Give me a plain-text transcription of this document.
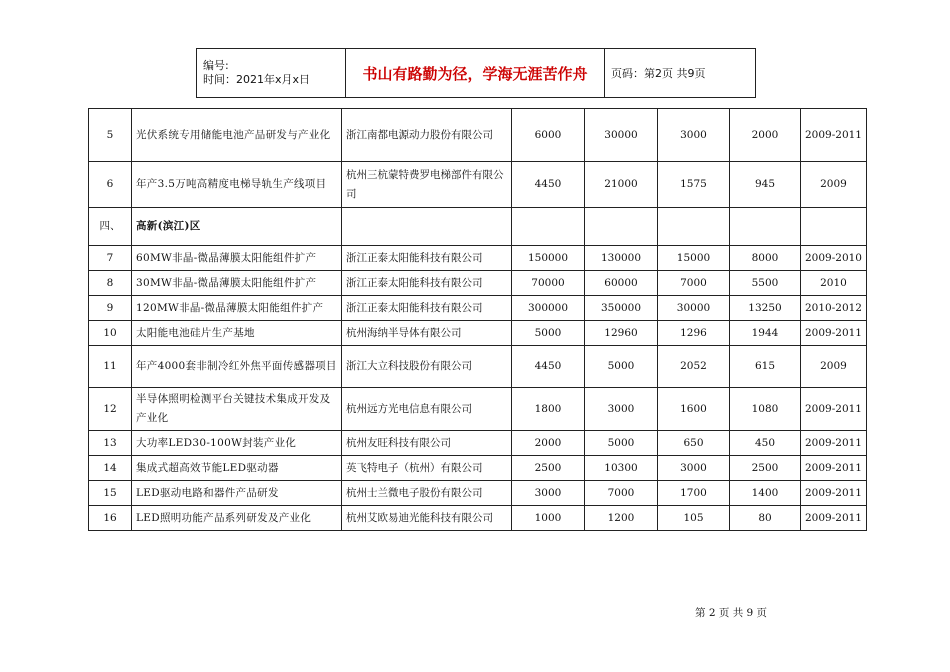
编号:
时间：2021年x月x日	书山有路勤为径，学海无涯苦作舟	页码：第2页 共9页
5	光伏系统专用储能电池产品研发与产业化	浙江南都电源动力股份有限公司	6000	30000	3000	2000	2009-2011
6	年产3.5万吨高精度电梯导轨生产线项目	杭州三杭蒙特费罗电梯部件有限公司	4450	21000	1575	945	2009
四、	高新(滨江)区						
7	60MW非晶-微晶薄膜太阳能组件扩产	浙江正泰太阳能科技有限公司	150000	130000	15000	8000	2009-2010
8	30MW非晶-微晶薄膜太阳能组件扩产	浙江正泰太阳能科技有限公司	70000	60000	7000	5500	2010
9	120MW非晶-微晶薄膜太阳能组件扩产	浙江正泰太阳能科技有限公司	300000	350000	30000	13250	2010-2012
10	太阳能电池硅片生产基地	杭州海纳半导体有限公司	5000	12960	1296	1944	2009-2011
11	年产4000套非制冷红外焦平面传感器项目	浙江大立科技股份有限公司	4450	5000	2052	615	2009
12	半导体照明检测平台关键技术集成开发及产业化	杭州远方光电信息有限公司	1800	3000	1600	1080	2009-2011
13	大功率LED30-100W封装产业化	杭州友旺科技有限公司	2000	5000	650	450	2009-2011
14	集成式超高效节能LED驱动器	英飞特电子（杭州）有限公司	2500	10300	3000	2500	2009-2011
15	LED驱动电路和器件产品研发	杭州士兰微电子股份有限公司	3000	7000	1700	1400	2009-2011
16	LED照明功能产品系列研发及产业化	杭州艾欧易迪光能科技有限公司	1000	1200	105	80	2009-2011
第 2 页 共 9 页
